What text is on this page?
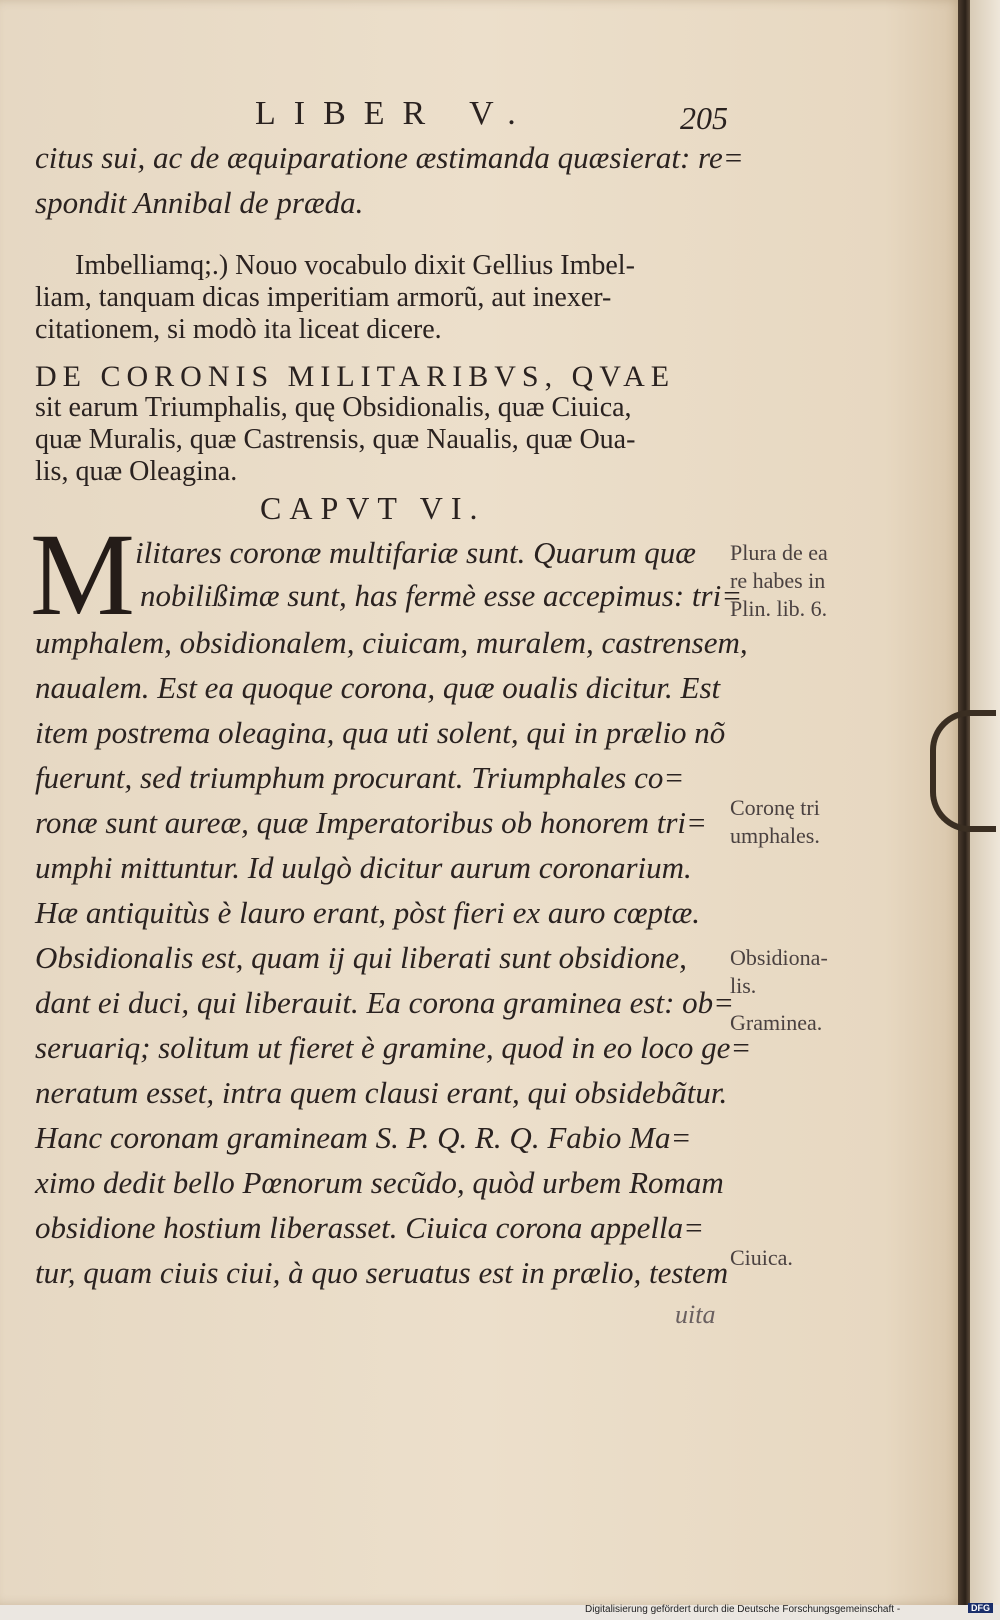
LIBER V.	205
citus sui, ac de æquiparatione æstimanda quæsierat: re=
spondit Annibal de præda.
Imbelliamq;.) Nouo vocabulo dixit Gellius Imbel-
liam, tanquam dicas imperitiam armorũ, aut inexer-
citationem, si modò ita liceat dicere.
DE CORONIS MILITARIBVS, QVAE
sit earum Triumphalis, quę Obsidionalis, quæ Ciuica,
quæ Muralis, quæ Castrensis, quæ Naualis, quæ Oua-
lis, quæ Oleagina.
CAPVT VI.
M ilitares coronæ multifariæ sunt. Quarum quæ
nobilißimæ sunt, has fermè esse accepimus: tri=
umphalem, obsidionalem, ciuicam, muralem, castrensem,
naualem. Est ea quoque corona, quæ oualis dicitur. Est
item postrema oleagina, qua uti solent, qui in prælio nõ
fuerunt, sed triumphum procurant. Triumphales co=
ronæ sunt aureæ, quæ Imperatoribus ob honorem tri=
umphi mittuntur. Id uulgò dicitur aurum coronarium.
Hæ antiquitùs è lauro erant, pòst fieri ex auro cœptæ.
Obsidionalis est, quam ij qui liberati sunt obsidione,
dant ei duci, qui liberauit. Ea corona graminea est: ob=
seruariq; solitum ut fieret è gramine, quod in eo loco ge=
neratum esset, intra quem clausi erant, qui obsidebãtur.
Hanc coronam gramineam S. P. Q. R. Q. Fabio Ma=
ximo dedit bello Pœnorum secũdo, quòd urbem Romam
obsidione hostium liberasset. Ciuica corona appella=
tur, quam ciuis ciui, à quo seruatus est in prælio, testem
uita
Plura de ea
re habes in
Plin. lib. 6.
Coronę tri
umphales.
Obsidiona-
lis.
Graminea.
Ciuica.
Digitalisierung gefördert durch die Deutsche Forschungsgemeinschaft -	DFG
